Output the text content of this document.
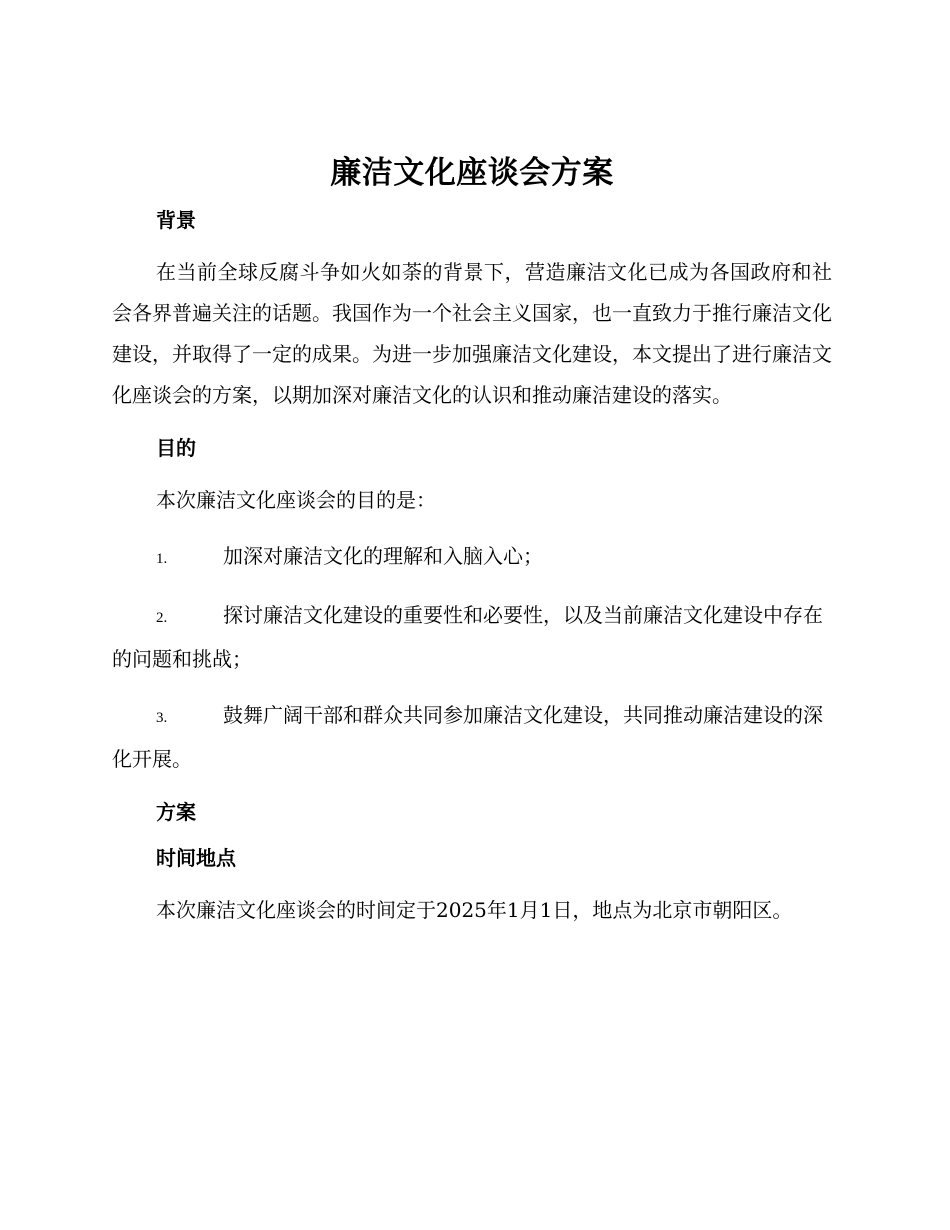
廉洁文化座谈会方案
背景

在当前全球反腐斗争如火如荼的背景下，营造廉洁文化已成为各国政府和社会各界普遍关注的话题。我国作为一个社会主义国家，也一直致力于推行廉洁文化建设，并取得了一定的成果。为进一步加强廉洁文化建设，本文提出了进行廉洁文化座谈会的方案，以期加深对廉洁文化的认识和推动廉洁建设的落实。

目的

本次廉洁文化座谈会的目的是：

1.	加深对廉洁文化的理解和入脑入心；

2.	探讨廉洁文化建设的重要性和必要性，以及当前廉洁文化建设中存在的问题和挑战；

3.	鼓舞广阔干部和群众共同参加廉洁文化建设，共同推动廉洁建设的深化开展。

方案
时间地点

本次廉洁文化座谈会的时间定于2025年1月1日，地点为北京市朝阳区。
